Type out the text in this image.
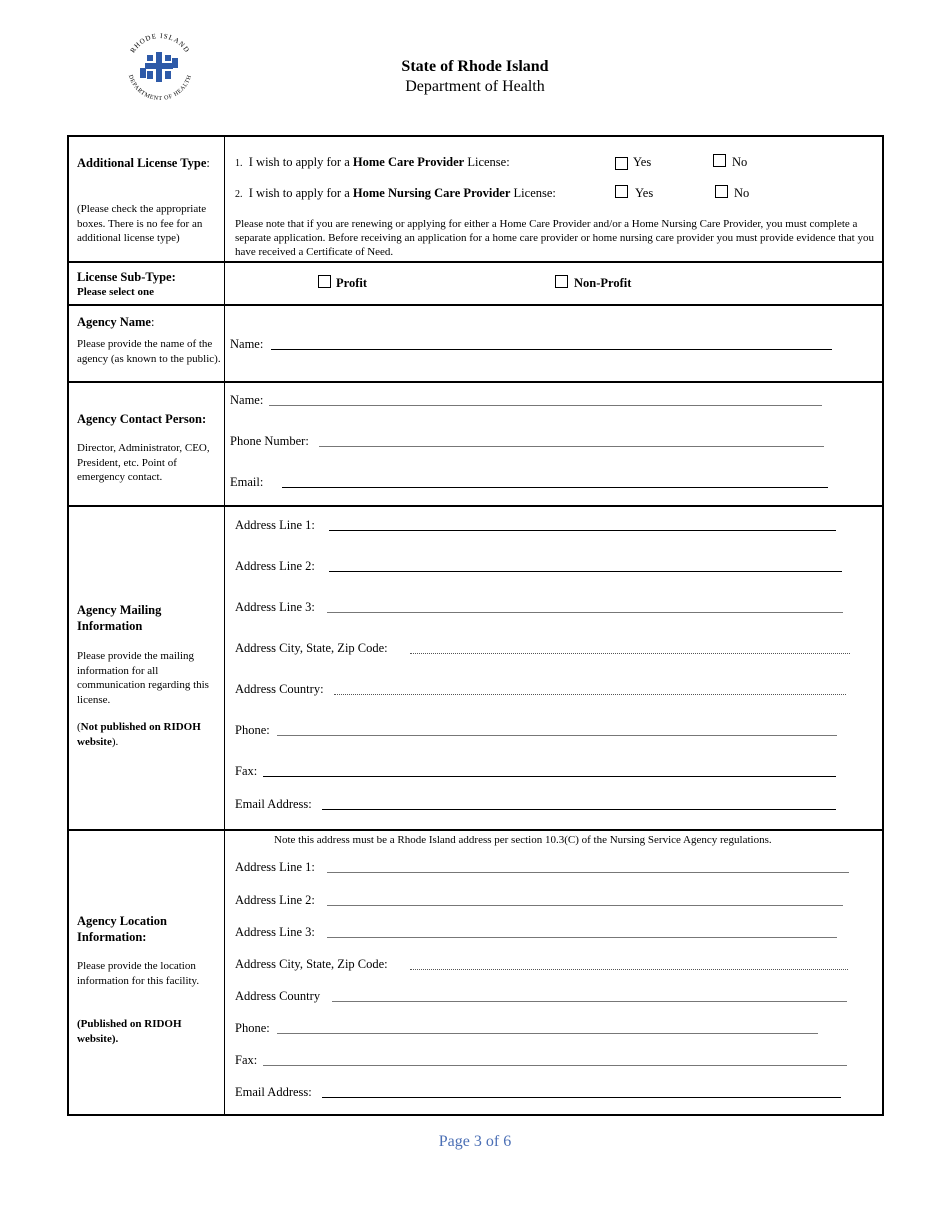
RHODE ISLAND
DEPARTMENT OF HEALTH
State of Rhode Island
Department of Health
Additional License Type:
(Please check the appropriate boxes. There is no fee for an additional license type)
1. I wish to apply for a Home Care Provider License:	Yes	No
2. I wish to apply for a Home Nursing Care Provider License:	Yes	No
Please note that if you are renewing or applying for either a Home Care Provider and/or a Home Nursing Care Provider, you must complete a separate application. Before receiving an application for a home care provider or home nursing care provider you must provide evidence that you have received a Certificate of Need.
License Sub-Type:
Please select one
Profit	Non-Profit
Agency Name:
Please provide the name of the agency (as known to the public).
Name:
Agency Contact Person:
Director, Administrator, CEO, President, etc. Point of emergency contact.
Name:
Phone Number:
Email:
Agency Mailing Information
Please provide the mailing information for all communication regarding this license.
(Not published on RIDOH website).
Address Line 1:
Address Line 2:
Address Line 3:
Address City, State, Zip Code:
Address Country:
Phone:
Fax:
Email Address:
Agency Location Information:
Please provide the location information for this facility.
(Published on RIDOH website).
Note this address must be a Rhode Island address per section 10.3(C) of the Nursing Service Agency regulations.
Address Line 1:
Address Line 2:
Address Line 3:
Address City, State, Zip Code:
Address Country
Phone:
Fax:
Email Address:
Page 3 of 6
